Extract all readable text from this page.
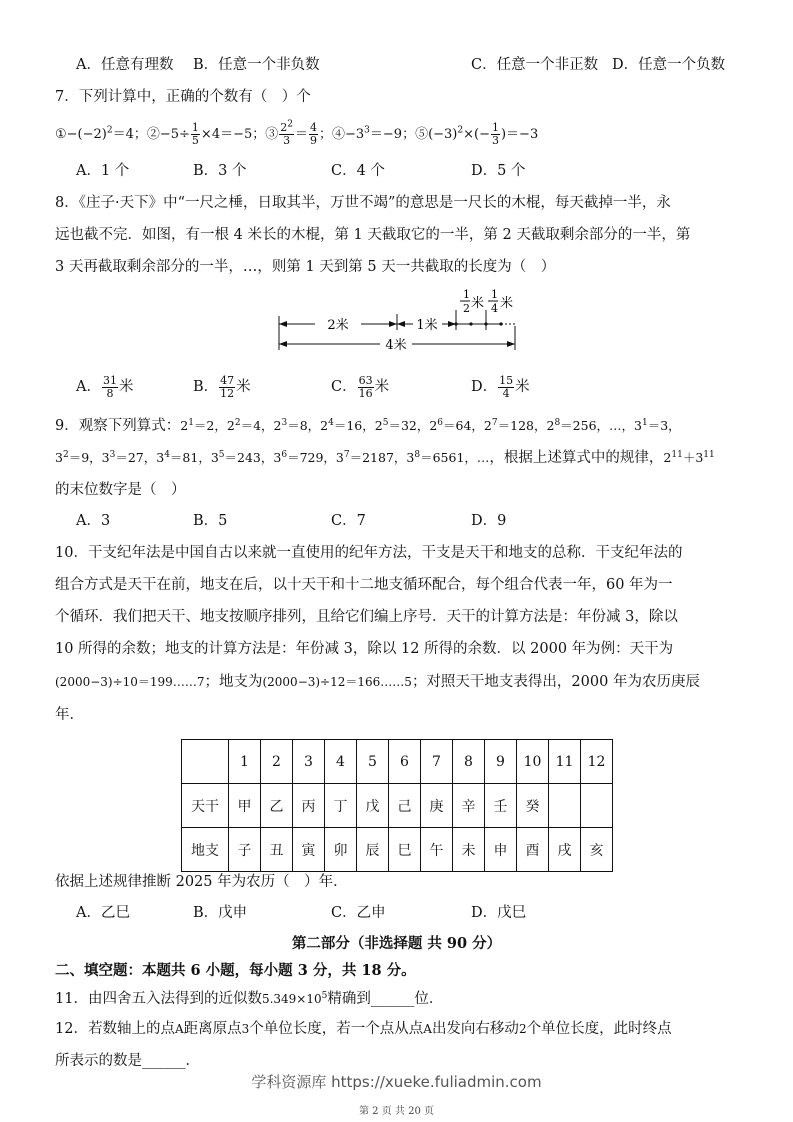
A．任意有理数 B．任意一个非负数	C．任意一个非正数 D．任意一个负数
7．下列计算中，正确的个数有（　）个
$①-(-2)^2=4$；②−5÷ $\frac{1}{5} \times 4=-5$；③ $\frac{2^2}{3} = \frac{4}{9}$ ；$④-3^3=-9$；$⑤(-3)^2\times(- \frac{1}{3} )=-3$
A．1 个	B．3 个	C．4 个	D．5 个
8．《庄子·天下》中“一尺之棰，日取其半，万世不竭”的意思是一尺长的木棍，每天截掉一半，永
远也截不完．如图，有一根 4 米长的木棍，第 1 天截取它的一半，第 2 天截取剩余部分的一半，第
3 天再截取剩余部分的一半，…，则第 1 天到第 5 天一共截取的长度为（　）
2米	1米
4米
1
2 米
1
4 米
A． $\frac{31}{8}$ 米	B． $\frac{47}{12}$ 米	C． $\frac{63}{16}$ 米	D． $\frac{15}{4}$ 米
9．观察下列算式：$2^1=2$，$2^2=4$，$2^3=8$，$2^4=16$，$2^5=32$，$2^6=64$，$2^7=128$，$2^8=256$，…，$3^1=3$，
$3^2=9$，$3^3=27$，$3^4=81$，$3^5=243$，$3^6=729$，$3^7=2187$，$3^8=6561$，…，根据上述算式中的规律，$2^{11}+3^{11}$
的末位数字是（　）
A．3	B．5	C．7	D．9
10．干支纪年法是中国自古以来就一直使用的纪年方法，干支是天干和地支的总称．干支纪年法的
组合方式是天干在前，地支在后，以十天干和十二地支循环配合，每个组合代表一年，60 年为一
个循环．我们把天干、地支按顺序排列，且给它们编上序号．天干的计算方法是：年份减 3，除以
10 所得的余数；地支的计算方法是：年份减 3，除以 12 所得的余数．以 2000 年为例：天干为
(2000−3)÷10＝199……7；地支为(2000−3)÷12＝166……5；对照天干地支表得出，2000 年为农历庚辰
年．
	1	2	3	4	5	6	7	8	9	10	11	12
天干	甲	乙	丙	丁	戊	己	庚	辛	壬	癸		
地支	子	丑	寅	卯	辰	巳	午	未	申	酉	戌	亥
依据上述规律推断 2025 年为农历（　）年．
A．乙巳	B．戊申	C．乙申	D．戊巳
第二部分（非选择题 共 90 分）
二、填空题：本题共 6 小题，每小题 3 分，共 18 分。
11．由四舍五入法得到的近似数$5.349\times 10^5$精确到______位．
12．若数轴上的点A距离原点3个单位长度，若一个点从点A出发向右移动2个单位长度，此时终点
所表示的数是______．
学科资源库 https://xueke.fuliadmin.com
第 2 页 共 20 页
